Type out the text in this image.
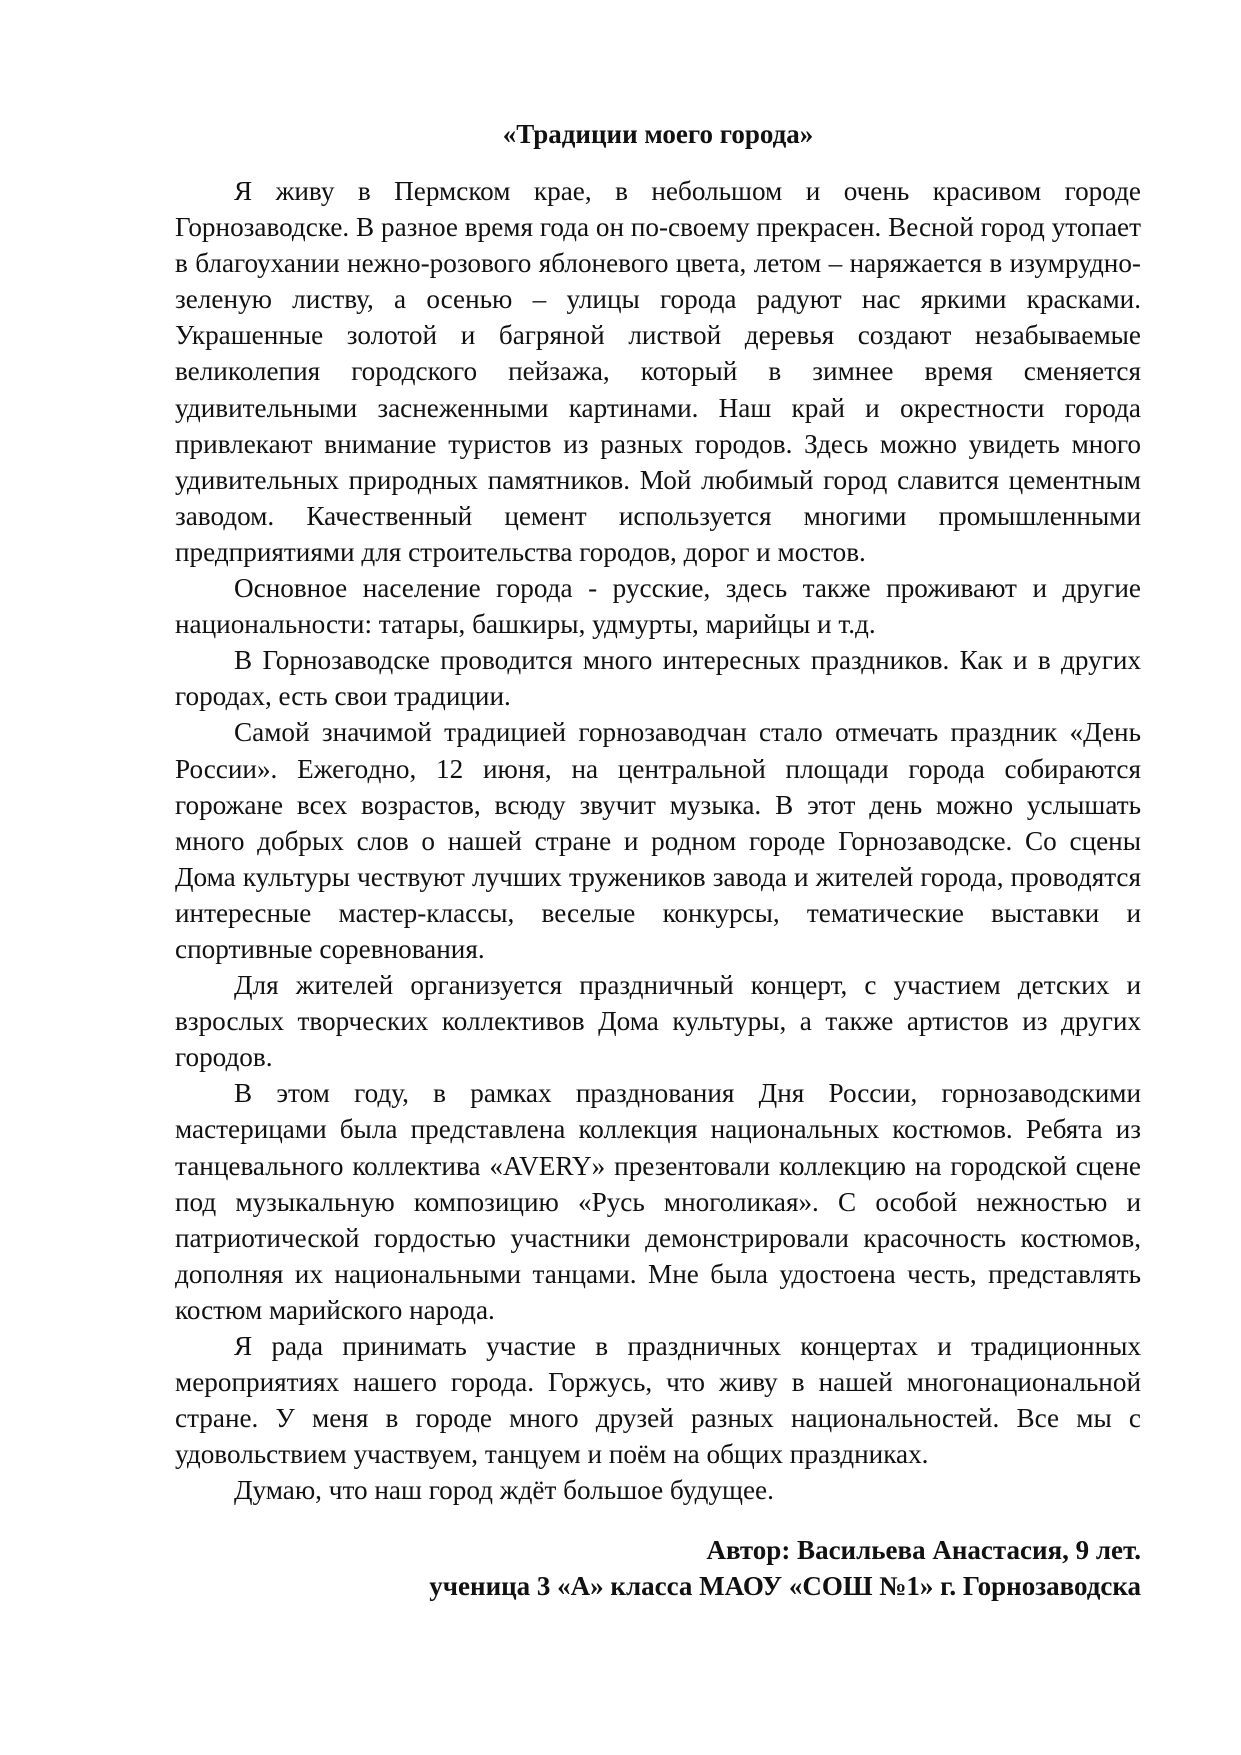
«Традиции моего города»

Я живу в Пермском крае, в небольшом и очень красивом городе Горнозаводске. В разное время года он по-своему прекрасен. Весной город утопает в благоухании нежно-розового яблоневого цвета, летом – наряжается в изумрудно-зеленую листву, а осенью – улицы города радуют нас яркими красками. Украшенные золотой и багряной листвой деревья создают незабываемые великолепия городского пейзажа, который в зимнее время сменяется удивительными заснеженными картинами. Наш край и окрестности города привлекают внимание туристов из разных городов. Здесь можно увидеть много удивительных природных памятников. Мой любимый город славится цементным заводом. Качественный цемент используется многими промышленными предприятиями для строительства городов, дорог и мостов.

Основное население города - русские, здесь также проживают и другие национальности: татары, башкиры, удмурты, марийцы и т.д.

В Горнозаводске проводится много интересных праздников. Как и в других городах, есть свои традиции.

Самой значимой традицией горнозаводчан стало отмечать праздник «День России». Ежегодно, 12 июня, на центральной площади города собираются горожане всех возрастов, всюду звучит музыка. В этот день можно услышать много добрых слов о нашей стране и родном городе Горнозаводске. Со сцены Дома культуры чествуют лучших тружеников завода и жителей города, проводятся интересные мастер-классы, веселые конкурсы, тематические выставки и спортивные соревнования.

Для жителей организуется праздничный концерт, с участием детских и взрослых творческих коллективов Дома культуры, а также артистов из других городов.

В этом году, в рамках празднования Дня России, горнозаводскими мастерицами была представлена коллекция национальных костюмов. Ребята из танцевального коллектива «AVERY» презентовали коллекцию на городской сцене под музыкальную композицию «Русь многоликая». С особой нежностью и патриотической гордостью участники демонстрировали красочность костюмов, дополняя их национальными танцами. Мне была удостоена честь, представлять костюм марийского народа.

Я рада принимать участие в праздничных концертах и традиционных мероприятиях нашего города. Горжусь, что живу в нашей многонациональной стране. У меня в городе много друзей разных национальностей. Все мы с удовольствием участвуем, танцуем и поём на общих праздниках.

Думаю, что наш город ждёт большое будущее.

Автор: Васильева Анастасия, 9 лет.
ученица 3 «А» класса МАОУ «СОШ №1» г. Горнозаводска
